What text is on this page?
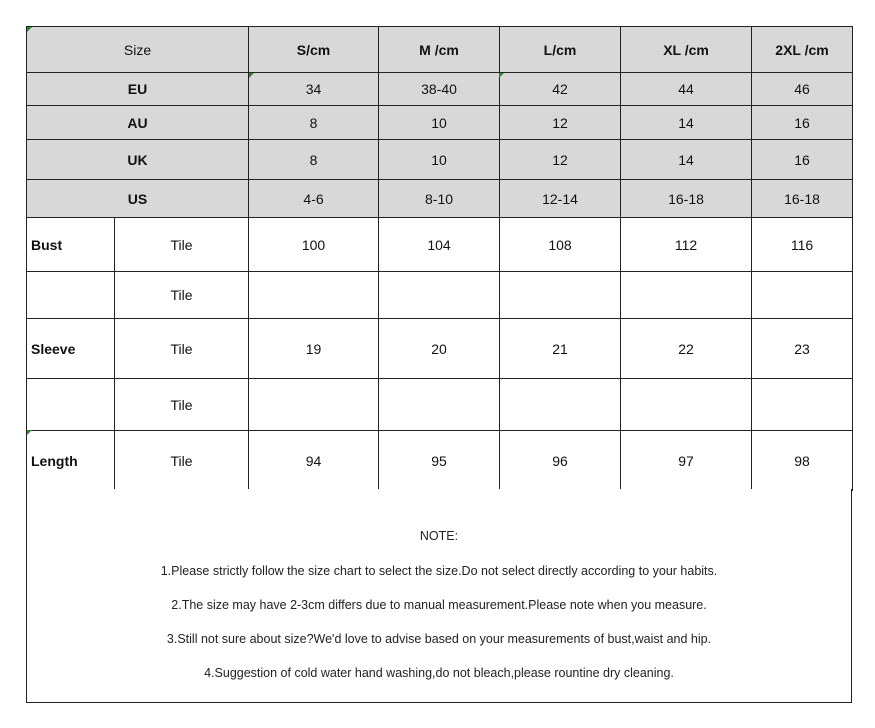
Size		S/cm	M /cm	L/cm	XL /cm	2XL /cm
EU		34	38-40	42	44	46
AU		8	10	12	14	16
UK		8	10	12	14	16
US		4-6	8-10	12-14	16-18	16-18
Bust	Tile	100	104	108	112	116
	Tile					
Sleeve	Tile	19	20	21	22	23
	Tile					
Length	Tile	94	95	96	97	98
NOTE:
1.Please strictly follow the size chart to select the size.Do not select directly according to your habits.
2.The size may have 2-3cm differs due to manual measurement.Please note when you measure.
3.Still not sure about size?We'd love to advise based on your measurements of bust,waist and hip.
4.Suggestion of cold water hand washing,do not bleach,please rountine dry cleaning.
